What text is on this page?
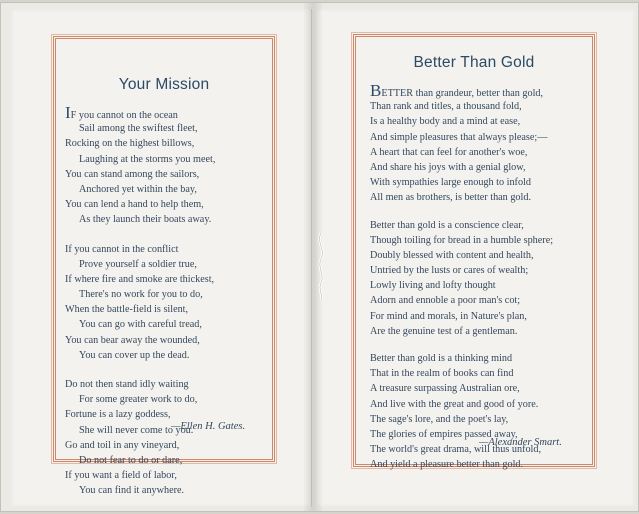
Your Mission
IF you cannot on the ocean
Sail among the swiftest fleet,
Rocking on the highest billows,
Laughing at the storms you meet,
You can stand among the sailors,
Anchored yet within the bay,
You can lend a hand to help them,
As they launch their boats away.
If you cannot in the conflict
Prove yourself a soldier true,
If where fire and smoke are thickest,
There's no work for you to do,
When the battle-field is silent,
You can go with careful tread,
You can bear away the wounded,
You can cover up the dead.
Do not then stand idly waiting
For some greater work to do,
Fortune is a lazy goddess,
She will never come to you.
Go and toil in any vineyard,
Do not fear to do or dare,
If you want a field of labor,
You can find it anywhere.
—Ellen H. Gates.
Better Than Gold
BETTER than grandeur, better than gold,
Than rank and titles, a thousand fold,
Is a healthy body and a mind at ease,
And simple pleasures that always please;—
A heart that can feel for another's woe,
And share his joys with a genial glow,
With sympathies large enough to infold
All men as brothers, is better than gold.
Better than gold is a conscience clear,
Though toiling for bread in a humble sphere;
Doubly blessed with content and health,
Untried by the lusts or cares of wealth;
Lowly living and lofty thought
Adorn and ennoble a poor man's cot;
For mind and morals, in Nature's plan,
Are the genuine test of a gentleman.
Better than gold is a thinking mind
That in the realm of books can find
A treasure surpassing Australian ore,
And live with the great and good of yore.
The sage's lore, and the poet's lay,
The glories of empires passed away,
The world's great drama, will thus unfold,
And yield a pleasure better than gold.
—Alexander Smart.
